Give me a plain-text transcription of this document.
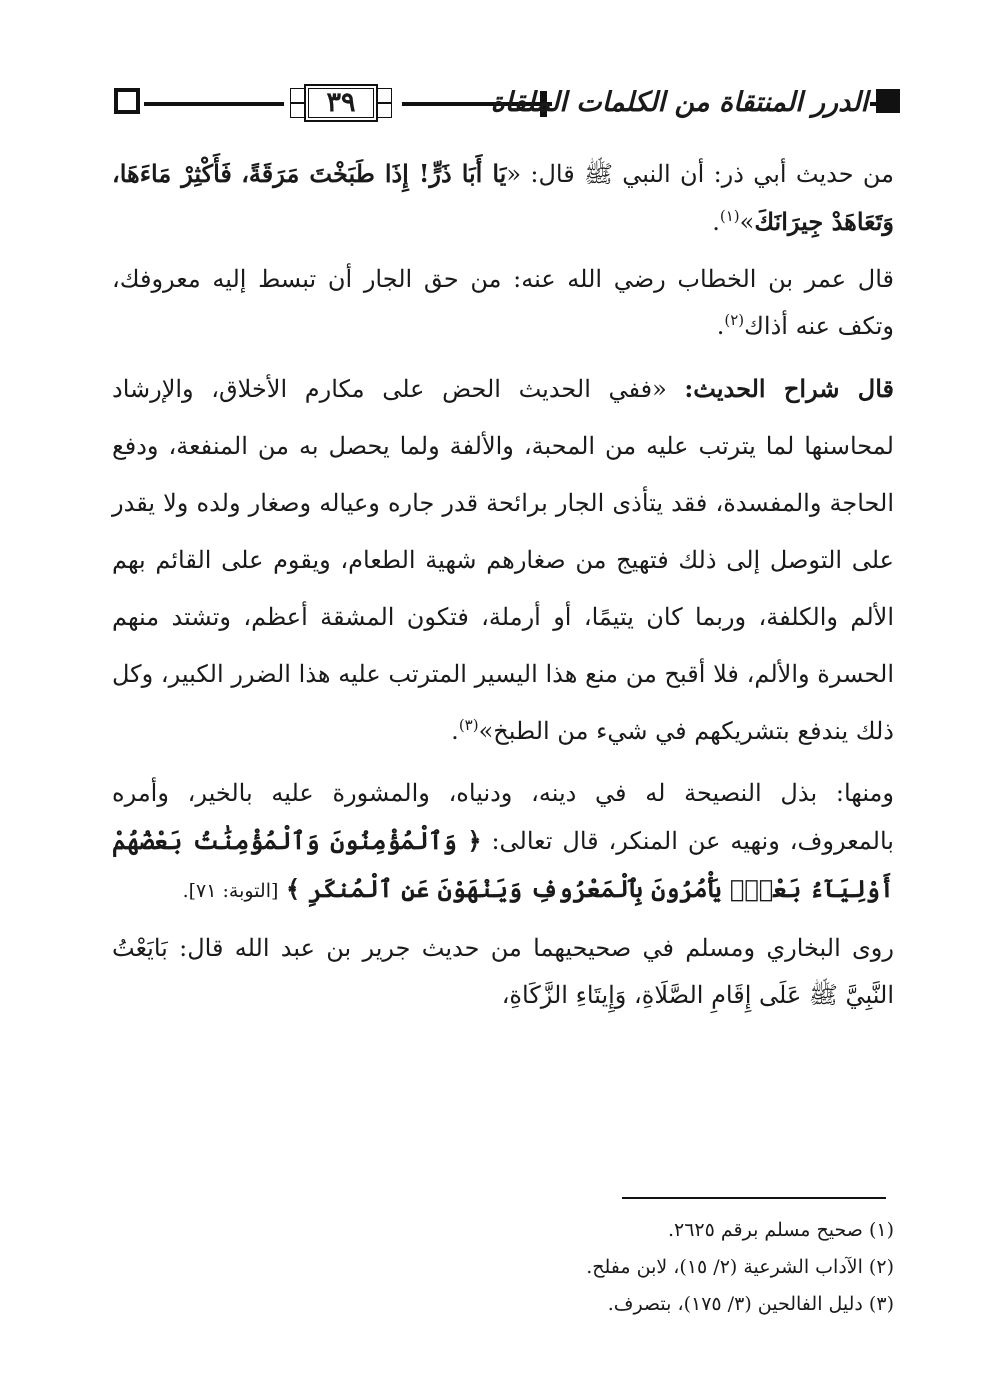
٣٩	الدرر المنتقاة من الكلمات الملقاة

من حديث أبي ذر: أن النبي ﷺ قال: «يَا أَبَا ذَرٍّ! إِذَا طَبَخْتَ مَرَقَةً، فَأَكْثِرْ مَاءَهَا، وَتَعَاهَدْ جِيرَانَكَ»$^{(١)}$.

قال عمر بن الخطاب رضي الله عنه: من حق الجار أن تبسط إليه معروفك، وتكف عنه أذاك$^{(٢)}$.

قال شراح الحديث: «ففي الحديث الحض على مكارم الأخلاق، والإرشاد لمحاسنها لما يترتب عليه من المحبة، والألفة ولما يحصل به من المنفعة، ودفع الحاجة والمفسدة، فقد يتأذى الجار برائحة قدر جاره وعياله وصغار ولده ولا يقدر على التوصل إلى ذلك فتهيج من صغارهم شهية الطعام، ويقوم على القائم بهم الألم والكلفة، وربما كان يتيمًا، أو أرملة، فتكون المشقة أعظم، وتشتد منهم الحسرة والألم، فلا أقبح من منع هذا اليسير المترتب عليه هذا الضرر الكبير، وكل ذلك يندفع بتشريكهم في شيء من الطبخ»$^{(٣)}$.

ومنها: بذل النصيحة له في دينه، ودنياه، والمشورة عليه بالخير، وأمره بالمعروف، ونهيه عن المنكر، قال تعالى: ﴿ وَٱلْمُؤْمِنُونَ وَٱلْمُؤْمِنَٰتُ بَعْضُهُمْ أَوْلِيَآءُ بَعْضٍۚ يَأْمُرُونَ بِٱلْمَعْرُوفِ وَيَنْهَوْنَ عَنِ ٱلْمُنكَرِ ﴾ [التوبة: ٧١].

روى البخاري ومسلم في صحيحيهما من حديث جرير بن عبد الله قال: بَايَعْتُ النَّبِيَّ ﷺ عَلَى إِقَامِ الصَّلَاةِ، وَإِيتَاءِ الزَّكَاةِ،

(١) صحيح مسلم برقم ٢٦٢٥.

(٢) الآداب الشرعية (٢/ ١٥)، لابن مفلح.

(٣) دليل الفالحين (٣/ ١٧٥)، بتصرف.
